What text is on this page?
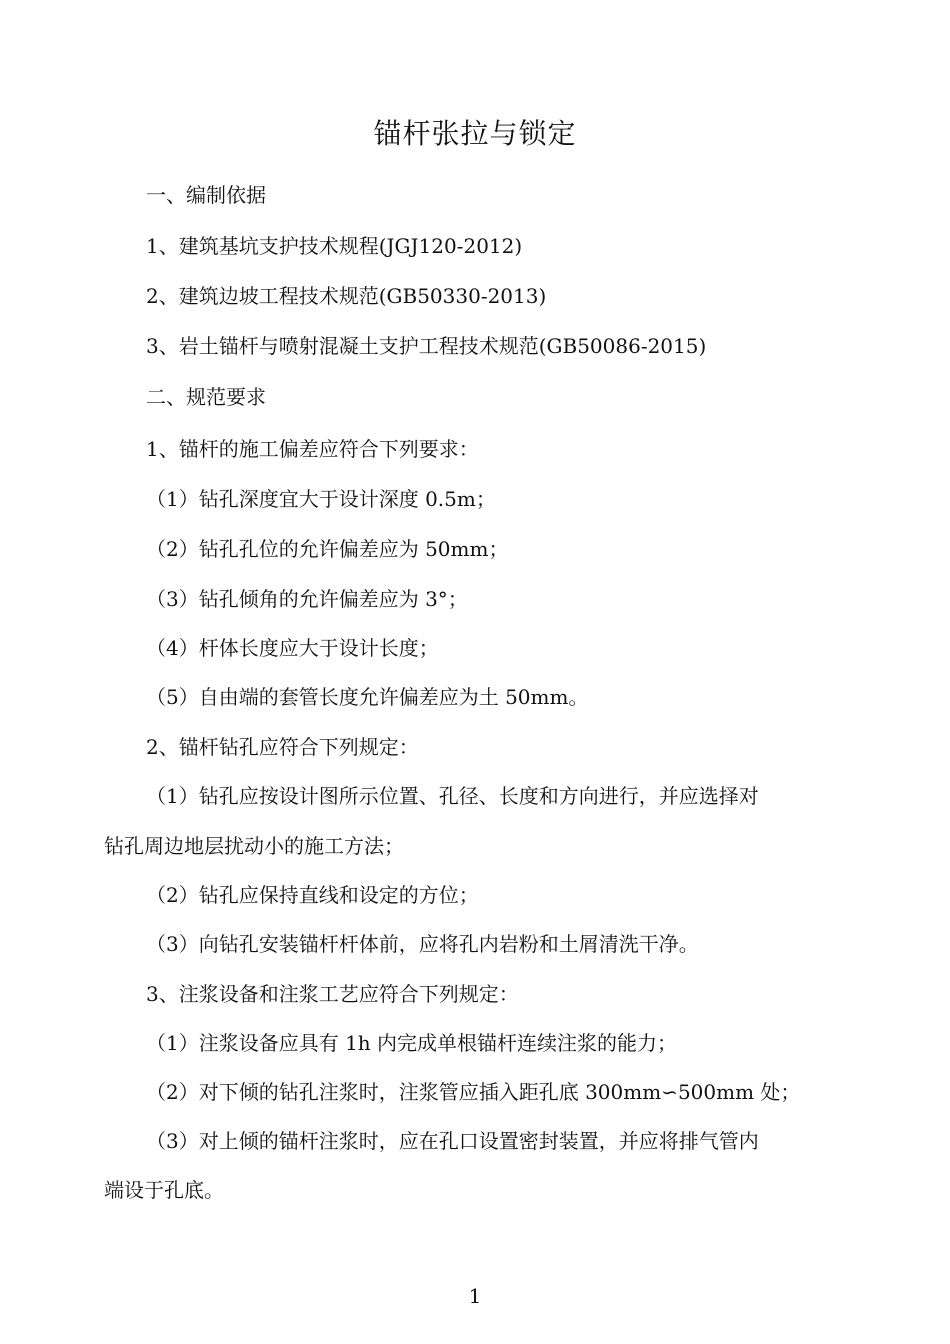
锚杆张拉与锁定
一、编制依据
1、建筑基坑支护技术规程(JGJ120-2012)
2、建筑边坡工程技术规范(GB50330-2013)
3、岩土锚杆与喷射混凝土支护工程技术规范(GB50086-2015)
二、规范要求
1、锚杆的施工偏差应符合下列要求：
（1）钻孔深度宜大于设计深度 0.5m；
（2）钻孔孔位的允许偏差应为 50mm；
（3）钻孔倾角的允许偏差应为 3°；
（4）杆体长度应大于设计长度；
（5）自由端的套管长度允许偏差应为土 50mm。
2、锚杆钻孔应符合下列规定：
（1）钻孔应按设计图所示位置、孔径、长度和方向进行，并应选择对
钻孔周边地层扰动小的施工方法；
（2）钻孔应保持直线和设定的方位；
（3）向钻孔安装锚杆杆体前，应将孔内岩粉和土屑清洗干净。
3、注浆设备和注浆工艺应符合下列规定：
（1）注浆设备应具有 1h 内完成单根锚杆连续注浆的能力；
（2）对下倾的钻孔注浆时，注浆管应插入距孔底 300mm∽500mm 处；
（3）对上倾的锚杆注浆时，应在孔口设置密封装置，并应将排气管内
端设于孔底。
1
